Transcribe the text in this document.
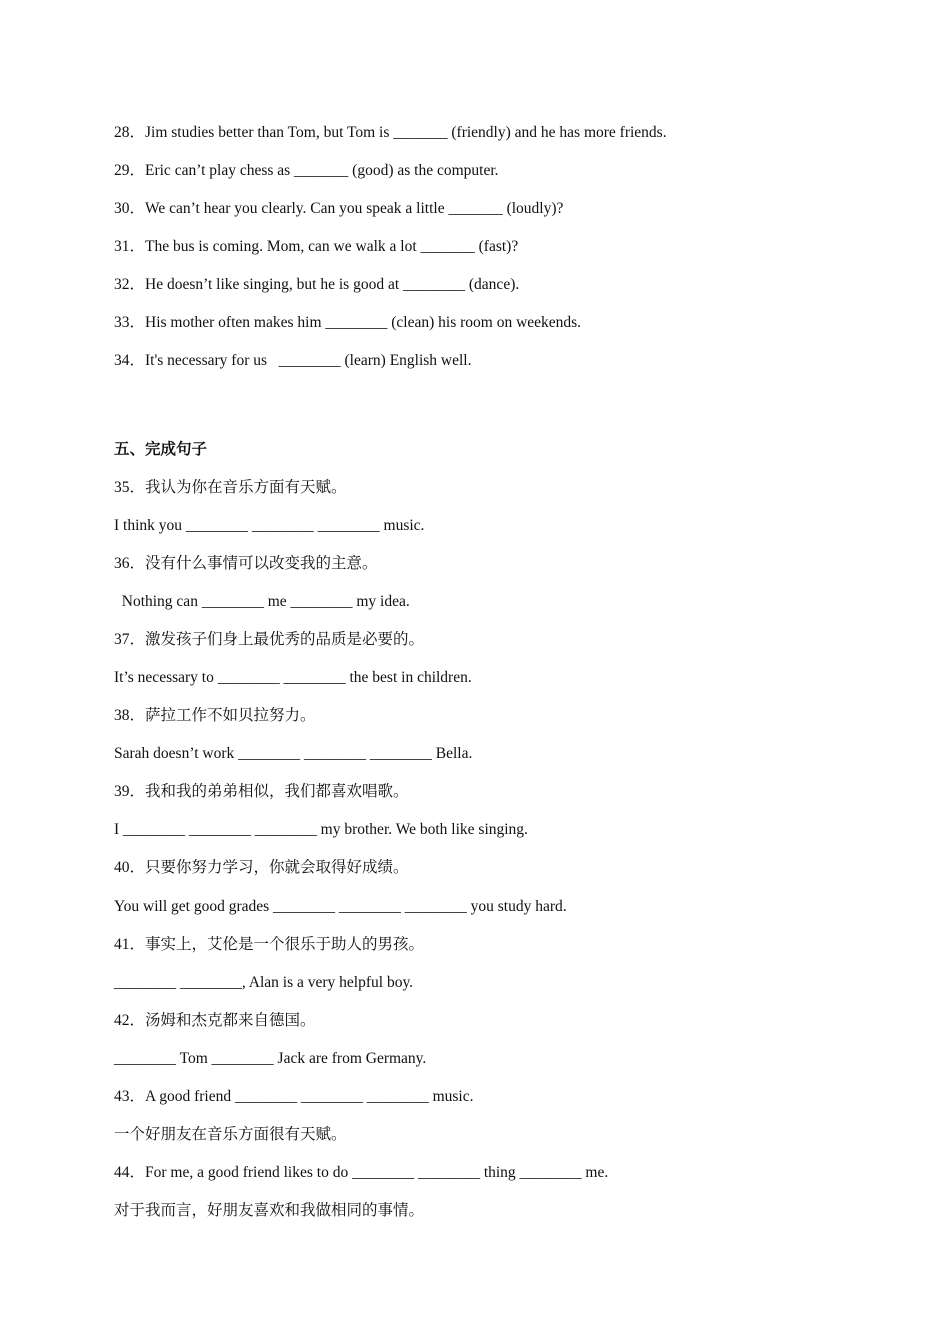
28．Jim studies better than Tom, but Tom is _______ (friendly) and he has more friends.
29．Eric can’t play chess as _______ (good) as the computer.
30．We can’t hear you clearly. Can you speak a little _______ (loudly)?
31．The bus is coming. Mom, can we walk a lot _______ (fast)?
32．He doesn’t like singing, but he is good at ________ (dance).
33．His mother often makes him ________ (clean) his room on weekends.
34．It's necessary for us   ________ (learn) English well.
五、完成句子
35．我认为你在音乐方面有天赋。
I think you ________ ________ ________ music.
36．没有什么事情可以改变我的主意。
Nothing can ________ me ________ my idea.
37．激发孩子们身上最优秀的品质是必要的。
It’s necessary to ________ ________ the best in children.
38．萨拉工作不如贝拉努力。
Sarah doesn’t work ________ ________ ________ Bella.
39．我和我的弟弟相似，我们都喜欢唱歌。
I ________ ________ ________ my brother. We both like singing.
40．只要你努力学习，你就会取得好成绩。
You will get good grades ________ ________ ________ you study hard.
41．事实上，艾伦是一个很乐于助人的男孩。
________ ________, Alan is a very helpful boy.
42．汤姆和杰克都来自德国。
________ Tom ________ Jack are from Germany.
43．A good friend ________ ________ ________ music.
一个好朋友在音乐方面很有天赋。
44．For me, a good friend likes to do ________ ________ thing ________ me.
对于我而言，好朋友喜欢和我做相同的事情。
